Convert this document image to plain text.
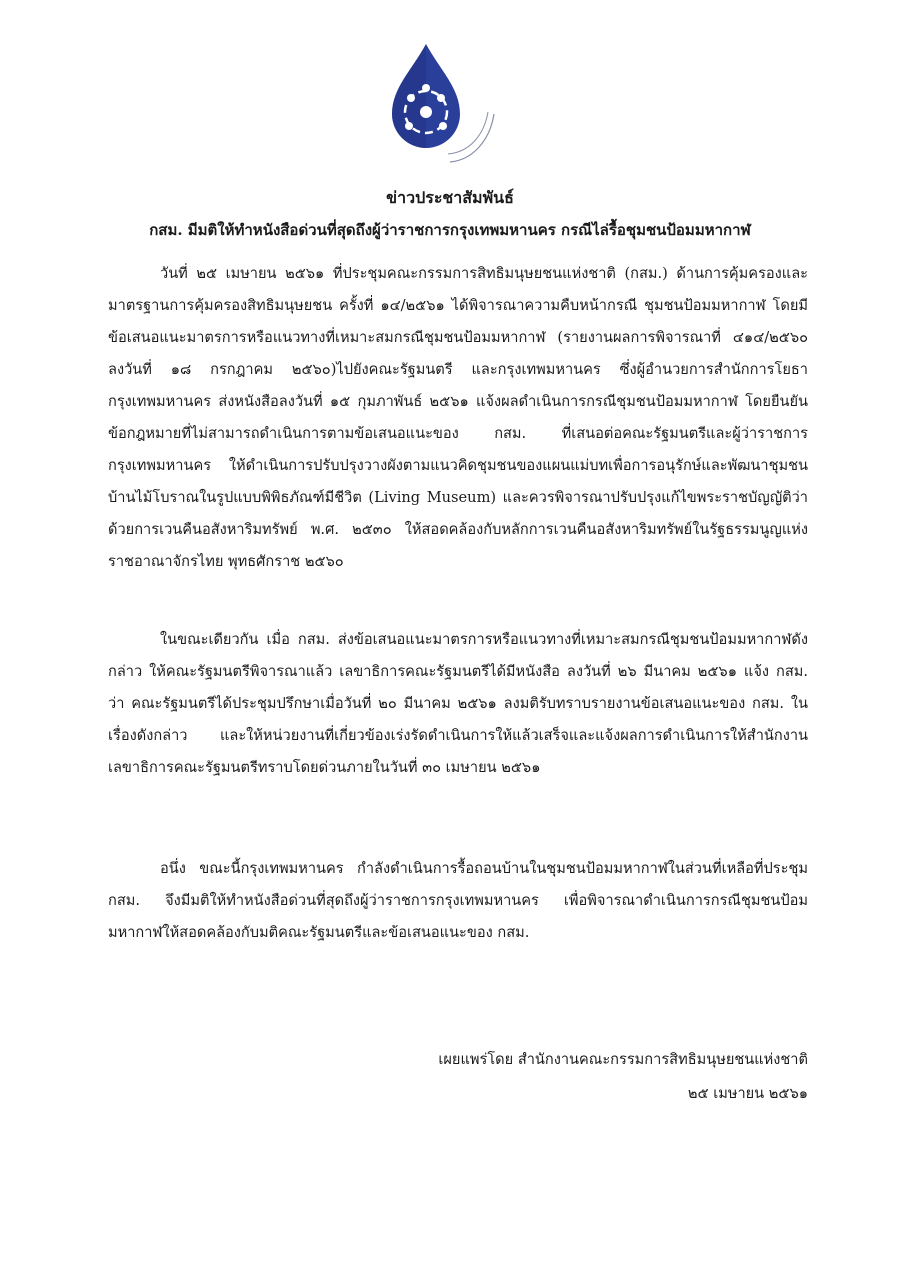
ข่าวประชาสัมพันธ์
กสม. มีมติให้ทำหนังสือด่วนที่สุดถึงผู้ว่าราชการกรุงเทพมหานคร กรณีไล่รื้อชุมชนป้อมมหากาฬ

วันที่ ๒๕ เมษายน ๒๕๖๑ ที่ประชุมคณะกรรมการสิทธิมนุษยชนแห่งชาติ (กสม.) ด้านการคุ้มครองและมาตรฐานการคุ้มครองสิทธิมนุษยชน ครั้งที่ ๑๔/๒๕๖๑ ได้พิจารณาความคืบหน้ากรณี ชุมชนป้อมมหากาฬ โดยมีข้อเสนอแนะมาตรการหรือแนวทางที่เหมาะสมกรณีชุมชนป้อมมหากาฬ (รายงานผลการพิจารณาที่ ๔๑๔/๒๕๖๐ ลงวันที่ ๑๘ กรกฎาคม ๒๕๖๐)ไปยังคณะรัฐมนตรี และกรุงเทพมหานคร ซึ่งผู้อำนวยการสำนักการโยธา กรุงเทพมหานคร ส่งหนังสือลงวันที่ ๑๕ กุมภาพันธ์ ๒๕๖๑ แจ้งผลดำเนินการกรณีชุมชนป้อมมหากาฬ โดยยืนยันข้อกฎหมายที่ไม่สามารถดำเนินการตามข้อเสนอแนะของ กสม. ที่เสนอต่อคณะรัฐมนตรีและผู้ว่าราชการกรุงเทพมหานคร ให้ดำเนินการปรับปรุงวางผังตามแนวคิดชุมชนของแผนแม่บทเพื่อการอนุรักษ์และพัฒนาชุมชนบ้านไม้โบราณในรูปแบบพิพิธภัณฑ์มีชีวิต (Living Museum) และควรพิจารณาปรับปรุงแก้ไขพระราชบัญญัติว่าด้วยการเวนคืนอสังหาริมทรัพย์ พ.ศ. ๒๕๓๐ ให้สอดคล้องกับหลักการเวนคืนอสังหาริมทรัพย์ในรัฐธรรมนูญแห่งราชอาณาจักรไทย พุทธศักราช ๒๕๖๐

ในขณะเดียวกัน เมื่อ กสม. ส่งข้อเสนอแนะมาตรการหรือแนวทางที่เหมาะสมกรณีชุมชนป้อมมหากาฬดังกล่าว ให้คณะรัฐมนตรีพิจารณาแล้ว เลขาธิการคณะรัฐมนตรีได้มีหนังสือ ลงวันที่ ๒๖ มีนาคม ๒๕๖๑ แจ้ง กสม. ว่า คณะรัฐมนตรีได้ประชุมปรึกษาเมื่อวันที่ ๒๐ มีนาคม ๒๕๖๑ ลงมติรับทราบรายงานข้อเสนอแนะของ กสม. ในเรื่องดังกล่าว และให้หน่วยงานที่เกี่ยวข้องเร่งรัดดำเนินการให้แล้วเสร็จและแจ้งผลการดำเนินการให้สำนักงานเลขาธิการคณะรัฐมนตรีทราบโดยด่วนภายในวันที่ ๓๐ เมษายน ๒๕๖๑

อนึ่ง ขณะนี้กรุงเทพมหานคร กำลังดำเนินการรื้อถอนบ้านในชุมชนป้อมมหากาฬในส่วนที่เหลือที่ประชุม กสม. จึงมีมติให้ทำหนังสือด่วนที่สุดถึงผู้ว่าราชการกรุงเทพมหานคร เพื่อพิจารณาดำเนินการกรณีชุมชนป้อมมหากาฬให้สอดคล้องกับมติคณะรัฐมนตรีและข้อเสนอแนะของ กสม.

เผยแพร่โดย สำนักงานคณะกรรมการสิทธิมนุษยชนแห่งชาติ
๒๕ เมษายน ๒๕๖๑
